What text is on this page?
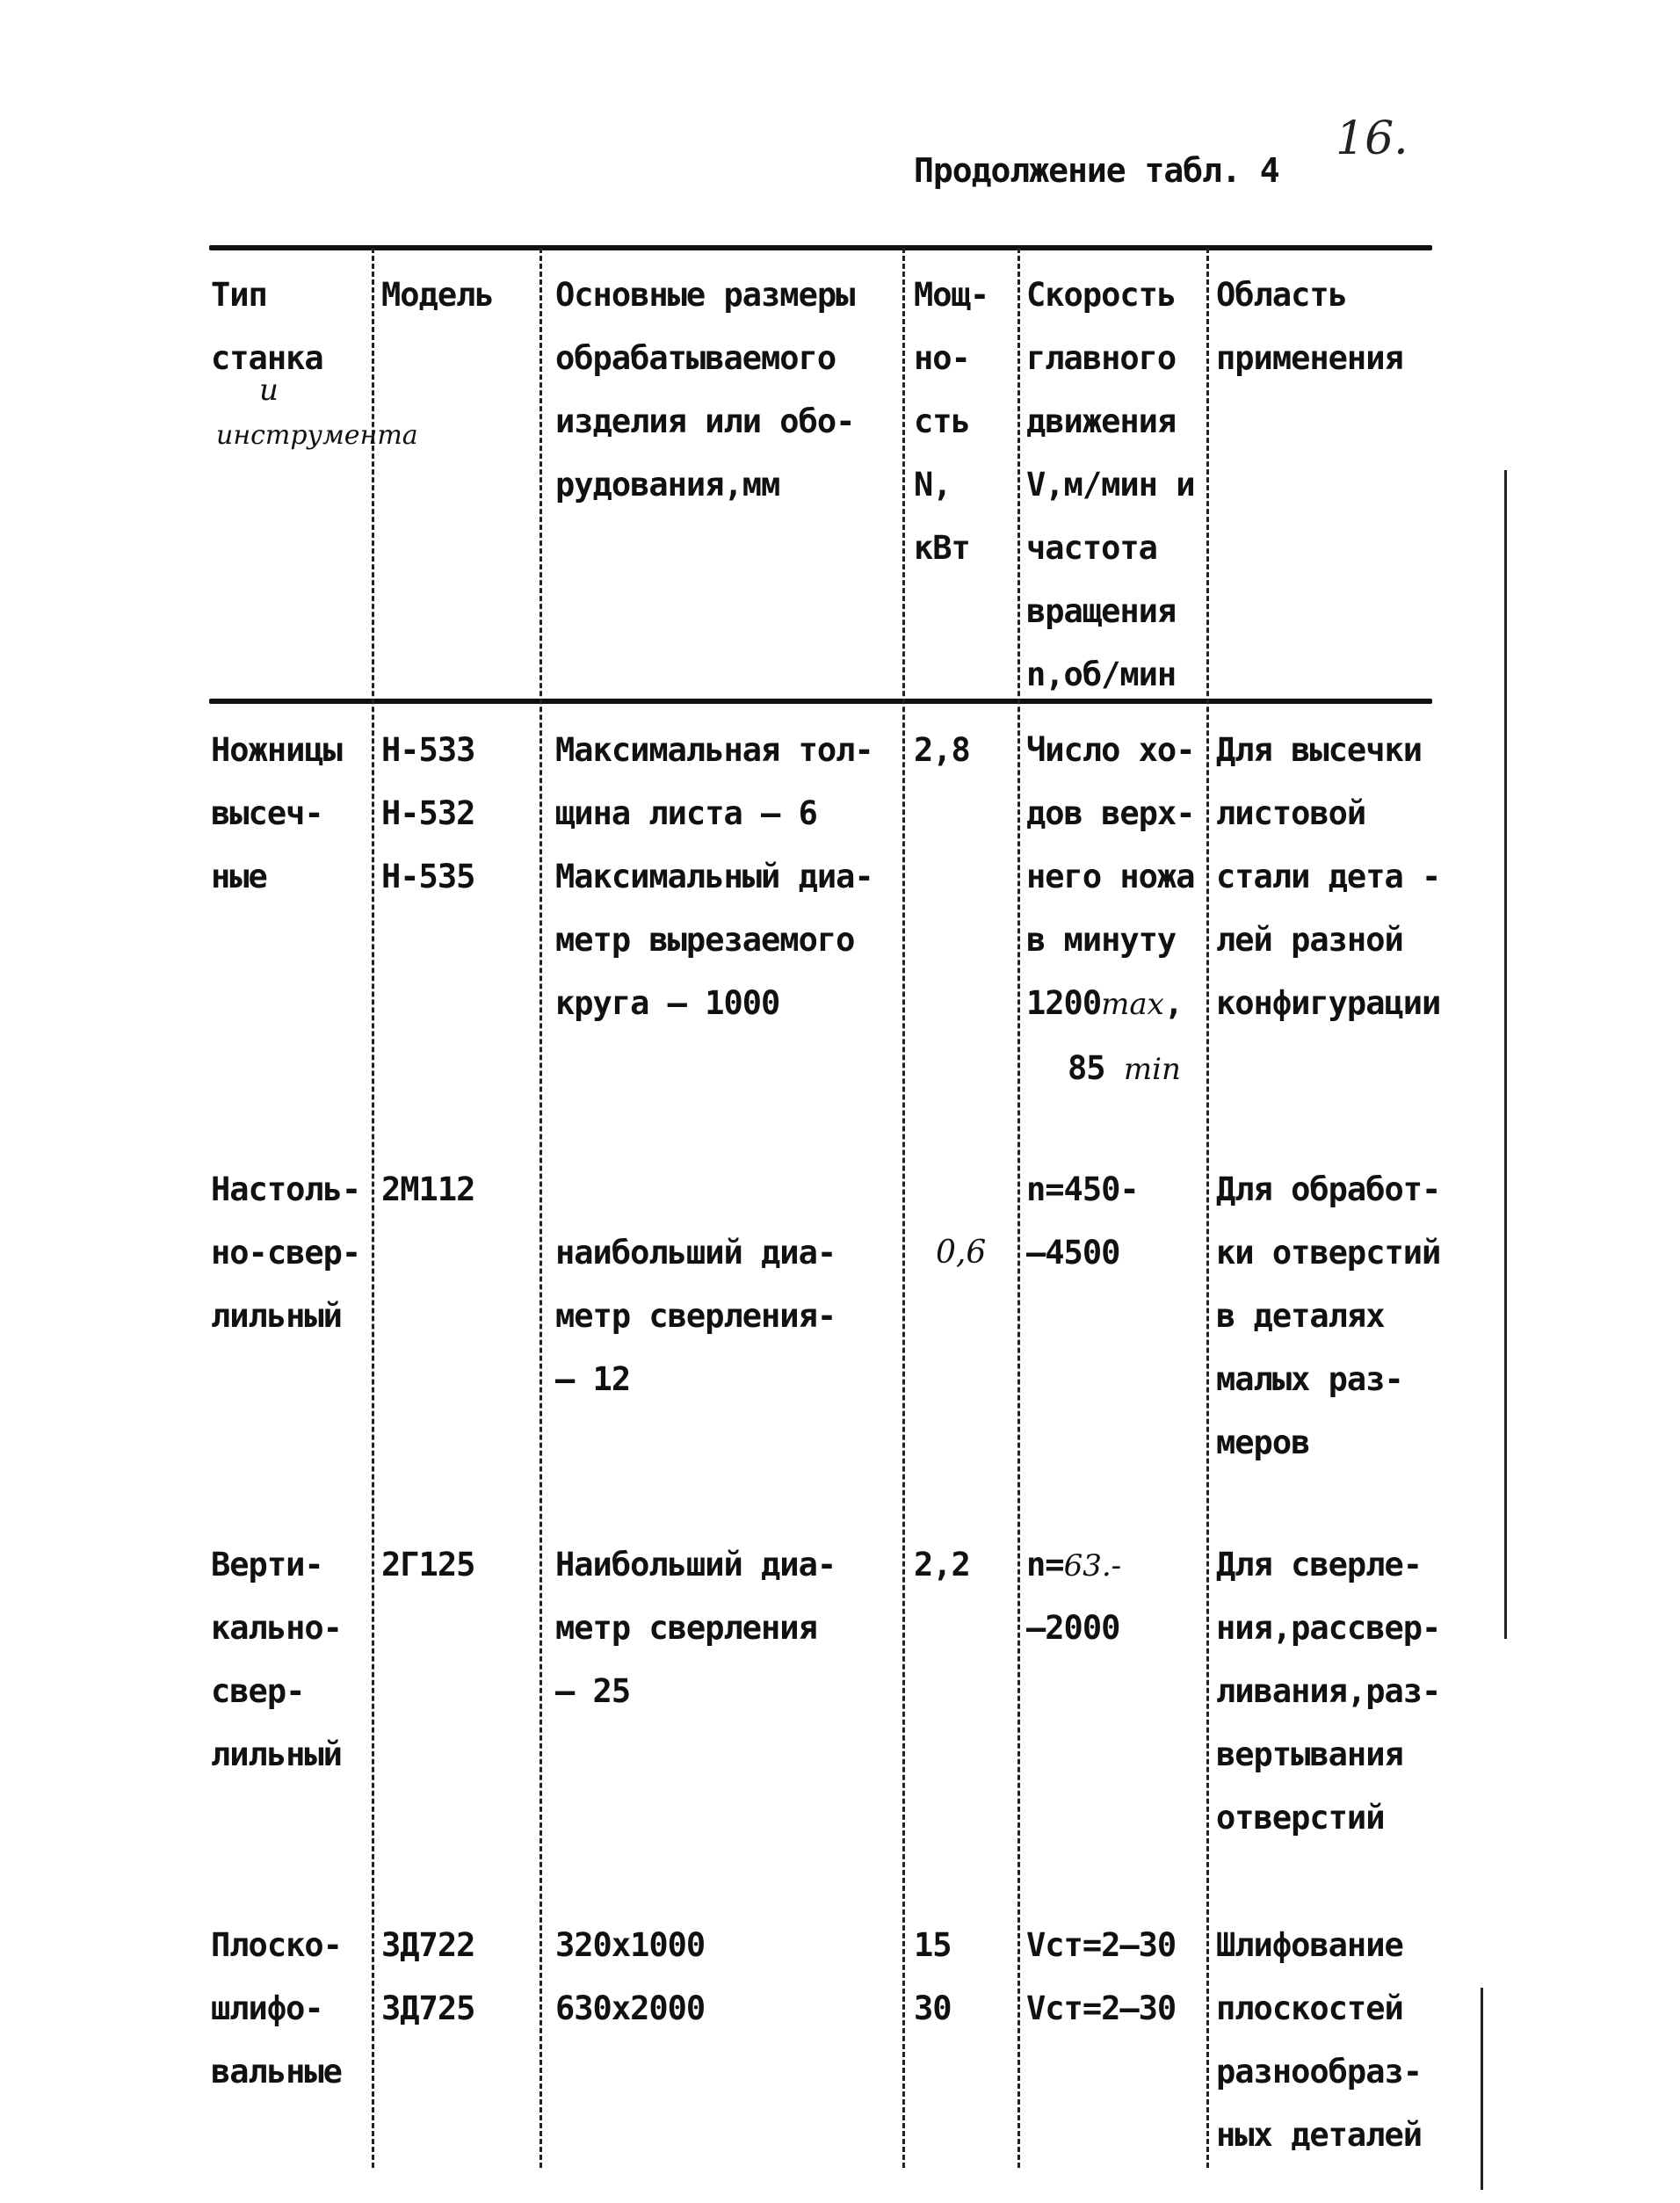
16.
Продолжение табл. 4
Тип
станка
и
инструмента
Модель Основные размеры
обрабатываемого
изделия или обо-
рудования,мм
Мощ-
но-
сть
N,
кВт
Скорость
главного
движения
V,м/мин и
частота
вращения
n,об/мин
Область
применения
Ножницы
высеч-
ные
Н-533
Н-532
Н-535
Максимальная тол-
щина листа – 6
Максимальный диа-
метр вырезаемого
круга – 1000
2,8 Число хо-
дов верх-
него ножа
в минуту
1200max,
85 min
Для высечки
листовой
стали дета -
лей разной
конфигурации
Настоль-
но-свер-
лильный
2М112
наибольший диа-
метр сверления-
– 12
0,6
n=450-
–4500
Для обработ-
ки отверстий
в деталях
малых раз-
меров
Верти-
кально-
свер-
лильный
2Г125 Наибольший диа-
метр сверления
– 25
2,2 n=63.-
–2000
Для сверле-
ния,рассвер-
ливания,раз-
вертывания
отверстий
Плоско-
шлифо-
вальные
3Д722
3Д725
320х1000
630х2000
15
30
Vст=2–30
Vст=2–30
Шлифование
плоскостей
разнообраз-
ных деталей
